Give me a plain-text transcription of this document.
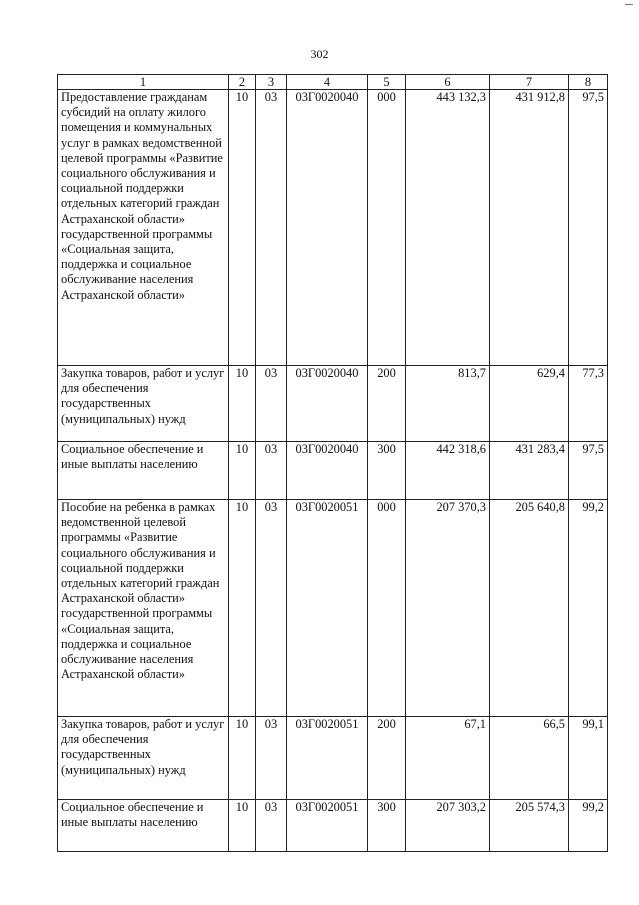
302
1	2	3	4	5	6	7	8
Предоставление гражданам субсидий на оплату жилого помещения и коммунальных услуг в рамках ведомственной целевой программы «Развитие социального обслуживания и социальной поддержки отдельных категорий граждан Астраханской области» государственной программы «Социальная защита, поддержка и социальное обслуживание населения Астраханской области»	10	03	03Г0020040	000	443 132,3	431 912,8	97,5
Закупка товаров, работ и услуг для обеспечения государственных (муниципальных) нужд	10	03	03Г0020040	200	813,7	629,4	77,3
Социальное обеспечение и иные выплаты населению	10	03	03Г0020040	300	442 318,6	431 283,4	97,5
Пособие на ребенка в рамках ведомственной целевой программы «Развитие социального обслуживания и социальной поддержки отдельных категорий граждан Астраханской области» государственной программы «Социальная защита, поддержка и социальное обслуживание населения Астраханской области»	10	03	03Г0020051	000	207 370,3	205 640,8	99,2
Закупка товаров, работ и услуг для обеспечения государственных (муниципальных) нужд	10	03	03Г0020051	200	67,1	66,5	99,1
Социальное обеспечение и иные выплаты населению	10	03	03Г0020051	300	207 303,2	205 574,3	99,2
